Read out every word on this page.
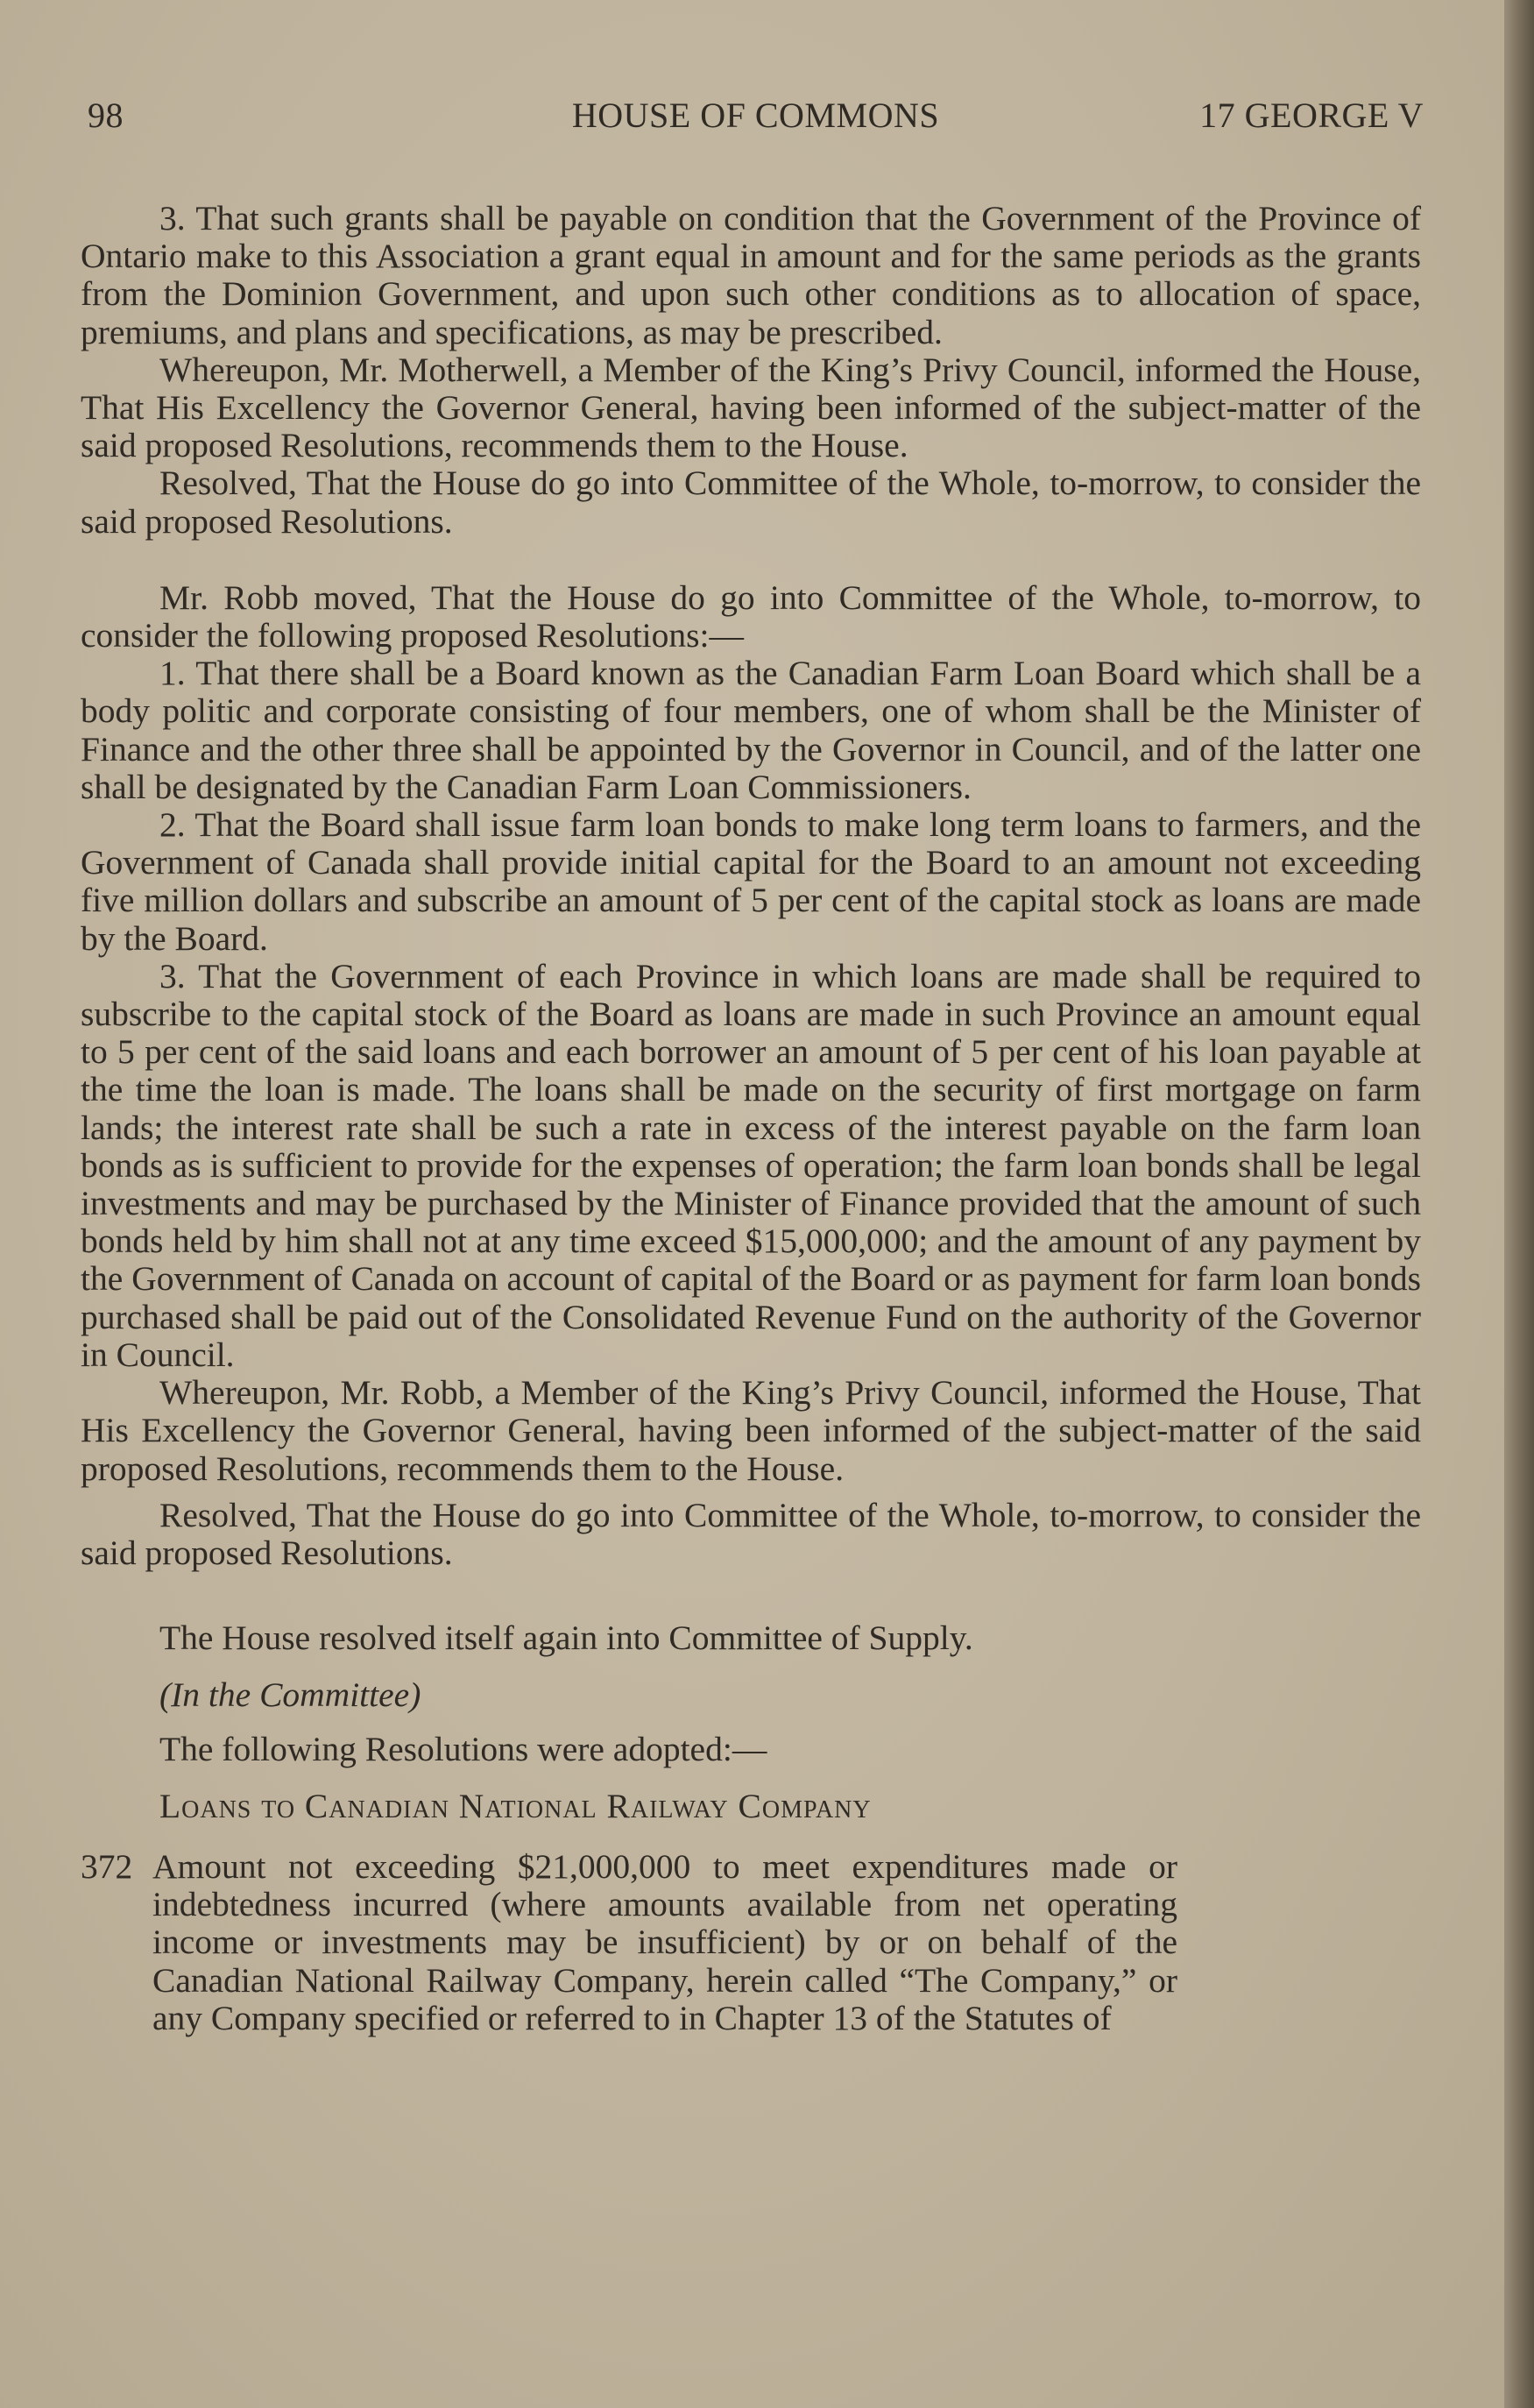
98	HOUSE OF COMMONS	17 GEORGE V

3. That such grants shall be payable on condition that the Government of the Province of Ontario make to this Association a grant equal in amount and for the same periods as the grants from the Dominion Government, and upon such other conditions as to allocation of space, premiums, and plans and specifications, as may be prescribed.

Whereupon, Mr. Motherwell, a Member of the King’s Privy Council, informed the House, That His Excellency the Governor General, having been informed of the subject-matter of the said proposed Resolutions, recommends them to the House.

Resolved, That the House do go into Committee of the Whole, to-morrow, to consider the said proposed Resolutions.

Mr. Robb moved, That the House do go into Committee of the Whole, to-morrow, to consider the following proposed Resolutions:—

1. That there shall be a Board known as the Canadian Farm Loan Board which shall be a body politic and corporate consisting of four members, one of whom shall be the Minister of Finance and the other three shall be appointed by the Governor in Council, and of the latter one shall be designated by the Canadian Farm Loan Commissioners.

2. That the Board shall issue farm loan bonds to make long term loans to farmers, and the Government of Canada shall provide initial capital for the Board to an amount not exceeding five million dollars and subscribe an amount of 5 per cent of the capital stock as loans are made by the Board.

3. That the Government of each Province in which loans are made shall be required to subscribe to the capital stock of the Board as loans are made in such Province an amount equal to 5 per cent of the said loans and each borrower an amount of 5 per cent of his loan payable at the time the loan is made. The loans shall be made on the security of first mortgage on farm lands; the interest rate shall be such a rate in excess of the interest payable on the farm loan bonds as is sufficient to provide for the expenses of operation; the farm loan bonds shall be legal investments and may be purchased by the Minister of Finance provided that the amount of such bonds held by him shall not at any time exceed $15,000,000; and the amount of any payment by the Government of Canada on account of capital of the Board or as payment for farm loan bonds purchased shall be paid out of the Consolidated Revenue Fund on the authority of the Governor in Council.

Whereupon, Mr. Robb, a Member of the King’s Privy Council, informed the House, That His Excellency the Governor General, having been informed of the subject-matter of the said proposed Resolutions, recommends them to the House.

Resolved, That the House do go into Committee of the Whole, to-morrow, to consider the said proposed Resolutions.

The House resolved itself again into Committee of Supply.

(In the Committee)

The following Resolutions were adopted:—

Loans to Canadian National Railway Company

372 Amount not exceeding $21,000,000 to meet expenditures made or indebtedness incurred (where amounts available from net operating income or investments may be insufficient) by or on behalf of the Canadian National Railway Company, herein called “The Company,” or any Company specified or referred to in Chapter 13 of the Statutes of
